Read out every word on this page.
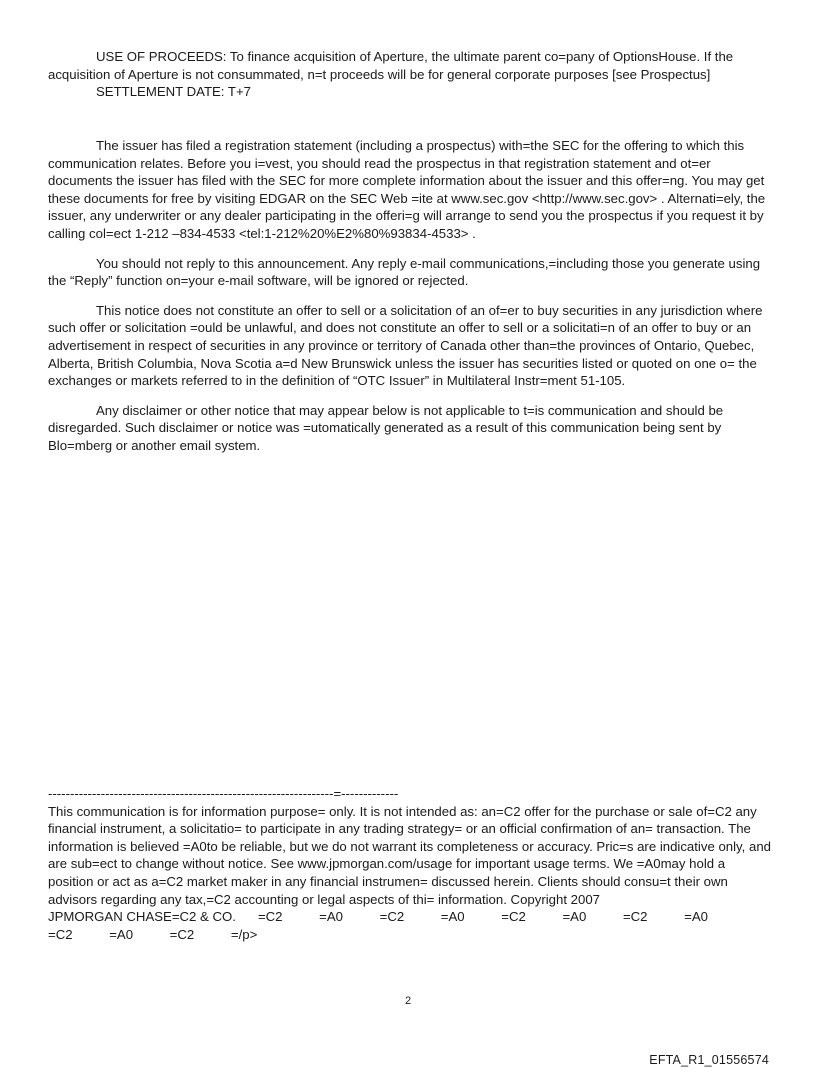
USE OF PROCEEDS: To finance acquisition of Aperture, the ultimate parent co=pany of OptionsHouse. If the
acquisition of Aperture is not consummated, n=t proceeds will be for general corporate purposes [see Prospectus]
SETTLEMENT DATE: T+7

The issuer has filed a registration statement (including a prospectus) with=the SEC for the offering to which this communication relates. Before you i=vest, you should read the prospectus in that registration statement and ot=er documents the issuer has filed with the SEC for more complete information about the issuer and this offer=ng. You may get these documents for free by visiting EDGAR on the SEC Web =ite at www.sec.gov <http://www.sec.gov> . Alternati=ely, the issuer, any underwriter or any dealer participating in the offeri=g will arrange to send you the prospectus if you request it by calling col=ect 1-212 –834-4533 <tel:1-212%20%E2%80%93834-4533> .

You should not reply to this announcement. Any reply e-mail communications,=including those you generate using the “Reply” function on=your e-mail software, will be ignored or rejected.

This notice does not constitute an offer to sell or a solicitation of an of=er to buy securities in any jurisdiction where such offer or solicitation =ould be unlawful, and does not constitute an offer to sell or a solicitati=n of an offer to buy or an advertisement in respect of securities in any province or territory of Canada other than=the provinces of Ontario, Quebec, Alberta, British Columbia, Nova Scotia a=d New Brunswick unless the issuer has securities listed or quoted on one o= the exchanges or markets referred to in the definition of “OTC Issuer” in Multilateral Instr=ment 51-105.

Any disclaimer or other notice that may appear below is not applicable to t=is communication and should be disregarded. Such disclaimer or notice was =utomatically generated as a result of this communication being sent by Blo=mberg or another email system.

-----------------------------------------------------------------=-------------
This communication is for information purpose= only. It is not intended as: an=C2 offer for the purchase or sale of=C2 any financial instrument, a solicitatio= to participate in any trading strategy= or an official confirmation of an= transaction. The information is believed =A0to be reliable, but we do not warrant its completeness or accuracy. Pric=s are indicative only, and are sub=ect to change without notice. See www.jpmorgan.com/usage for important usage terms. We =A0may hold a position or act as a=C2 market maker in any financial instrumen= discussed herein. Clients should consu=t their own advisors regarding any tax,=C2 accounting or legal aspects of thi= information. Copyright 2007
JPMORGAN CHASE=C2 & CO.      =C2          =A0          =C2          =A0          =C2          =A0          =C2          =A0
=C2          =A0          =C2          =/p>
2
EFTA_R1_01556574
